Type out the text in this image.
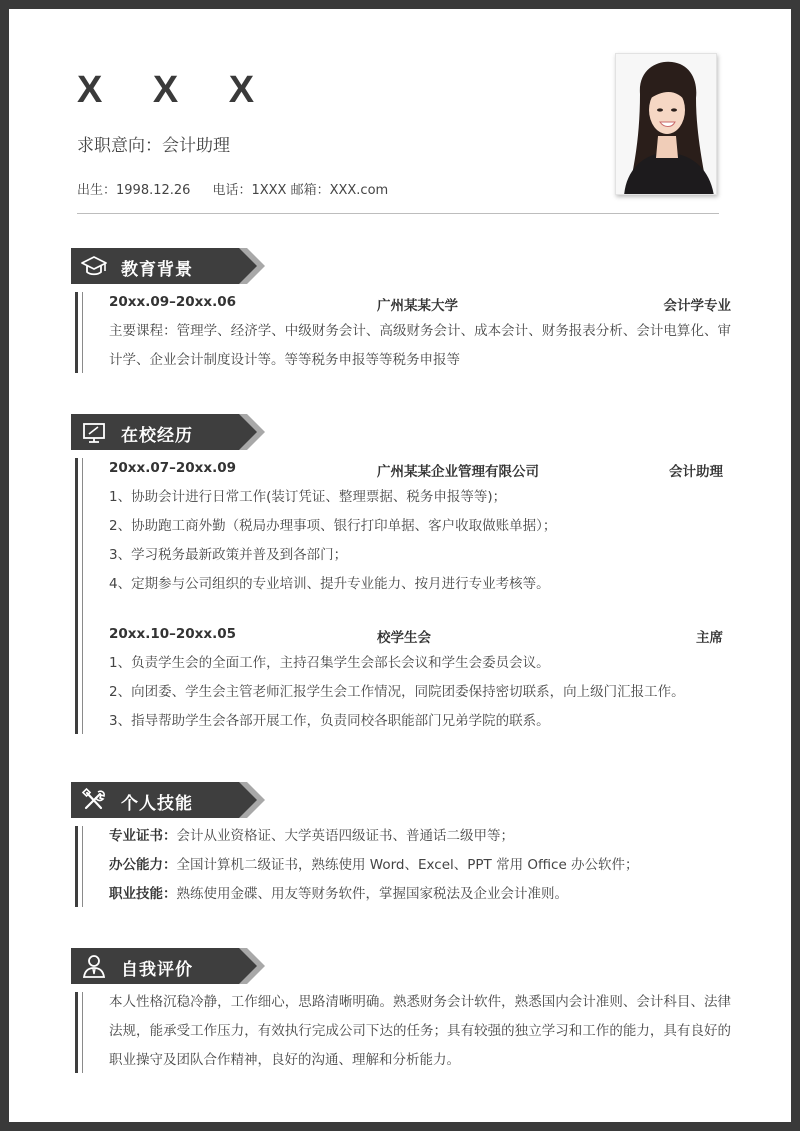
X X X
求职意向：会计助理
出生：1998.12.26 电话：1XXX 邮箱：XXX.com
教育背景
20xx.09–20xx.06	广州某某大学	会计学专业
主要课程：管理学、经济学、中级财务会计、高级财务会计、成本会计、财务报表分析、会计电算化、审计学、企业会计制度设计等。等等税务申报等等税务申报等
在校经历
20xx.07–20xx.09	广州某某企业管理有限公司	会计助理
1、协助会计进行日常工作(装订凭证、整理票据、税务申报等等)；
2、协助跑工商外勤（税局办理事项、银行打印单据、客户收取做账单据）；
3、学习税务最新政策并普及到各部门；
4、定期参与公司组织的专业培训、提升专业能力、按月进行专业考核等。
20xx.10–20xx.05	校学生会	主席
1、负责学生会的全面工作，主持召集学生会部长会议和学生会委员会议。
2、向团委、学生会主管老师汇报学生会工作情况，同院团委保持密切联系，向上级门汇报工作。
3、指导帮助学生会各部开展工作，负责同校各职能部门兄弟学院的联系。
个人技能
专业证书：会计从业资格证、大学英语四级证书、普通话二级甲等；
办公能力：全国计算机二级证书，熟练使用 Word、Excel、PPT 常用 Office 办公软件；
职业技能：熟练使用金碟、用友等财务软件，掌握国家税法及企业会计准则。
自我评价
本人性格沉稳冷静，工作细心，思路清晰明确。熟悉财务会计软件，熟悉国内会计准则、会计科目、法律法规，能承受工作压力，有效执行完成公司下达的任务；具有较强的独立学习和工作的能力，具有良好的职业操守及团队合作精神，良好的沟通、理解和分析能力。
